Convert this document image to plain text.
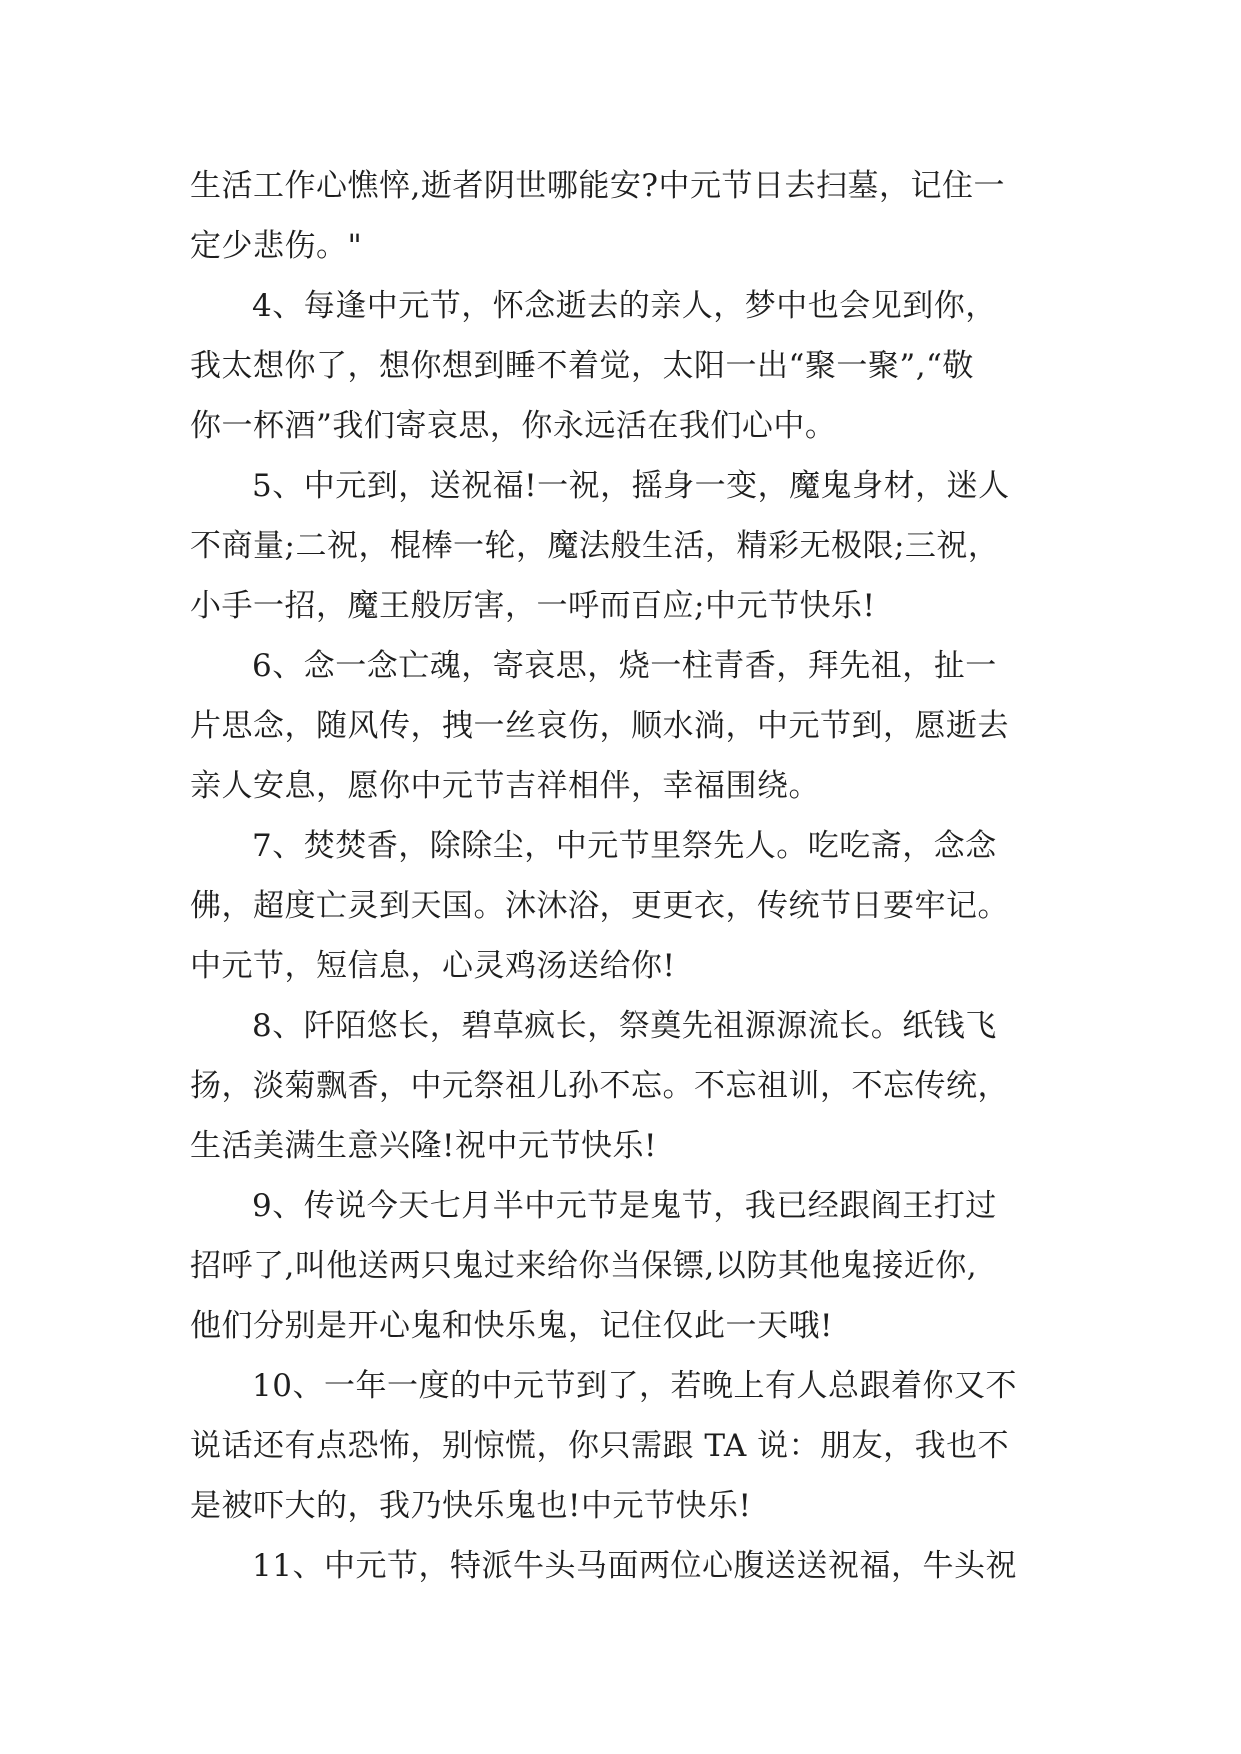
生活工作心憔悴,逝者阴世哪能安?中元节日去扫墓，记住一
定少悲伤。"
4、每逢中元节，怀念逝去的亲人，梦中也会见到你，
我太想你了，想你想到睡不着觉，太阳一出“聚一聚”,“敬
你一杯酒”我们寄哀思，你永远活在我们心中。
5、中元到，送祝福!一祝，摇身一变，魔鬼身材，迷人
不商量;二祝，棍棒一轮，魔法般生活，精彩无极限;三祝，
小手一招，魔王般厉害，一呼而百应;中元节快乐!
6、念一念亡魂，寄哀思，烧一柱青香，拜先祖，扯一
片思念，随风传，拽一丝哀伤，顺水淌，中元节到，愿逝去
亲人安息，愿你中元节吉祥相伴，幸福围绕。
7、焚焚香，除除尘，中元节里祭先人。吃吃斋，念念
佛，超度亡灵到天国。沐沐浴，更更衣，传统节日要牢记。
中元节，短信息，心灵鸡汤送给你!
8、阡陌悠长，碧草疯长，祭奠先祖源源流长。纸钱飞
扬，淡菊飘香，中元祭祖儿孙不忘。不忘祖训，不忘传统，
生活美满生意兴隆!祝中元节快乐!
9、传说今天七月半中元节是鬼节，我已经跟阎王打过
招呼了,叫他送两只鬼过来给你当保镖,以防其他鬼接近你,
他们分别是开心鬼和快乐鬼，记住仅此一天哦!
10、一年一度的中元节到了，若晚上有人总跟着你又不
说话还有点恐怖，别惊慌，你只需跟 TA 说：朋友，我也不
是被吓大的，我乃快乐鬼也!中元节快乐!
11、中元节，特派牛头马面两位心腹送送祝福，牛头祝
